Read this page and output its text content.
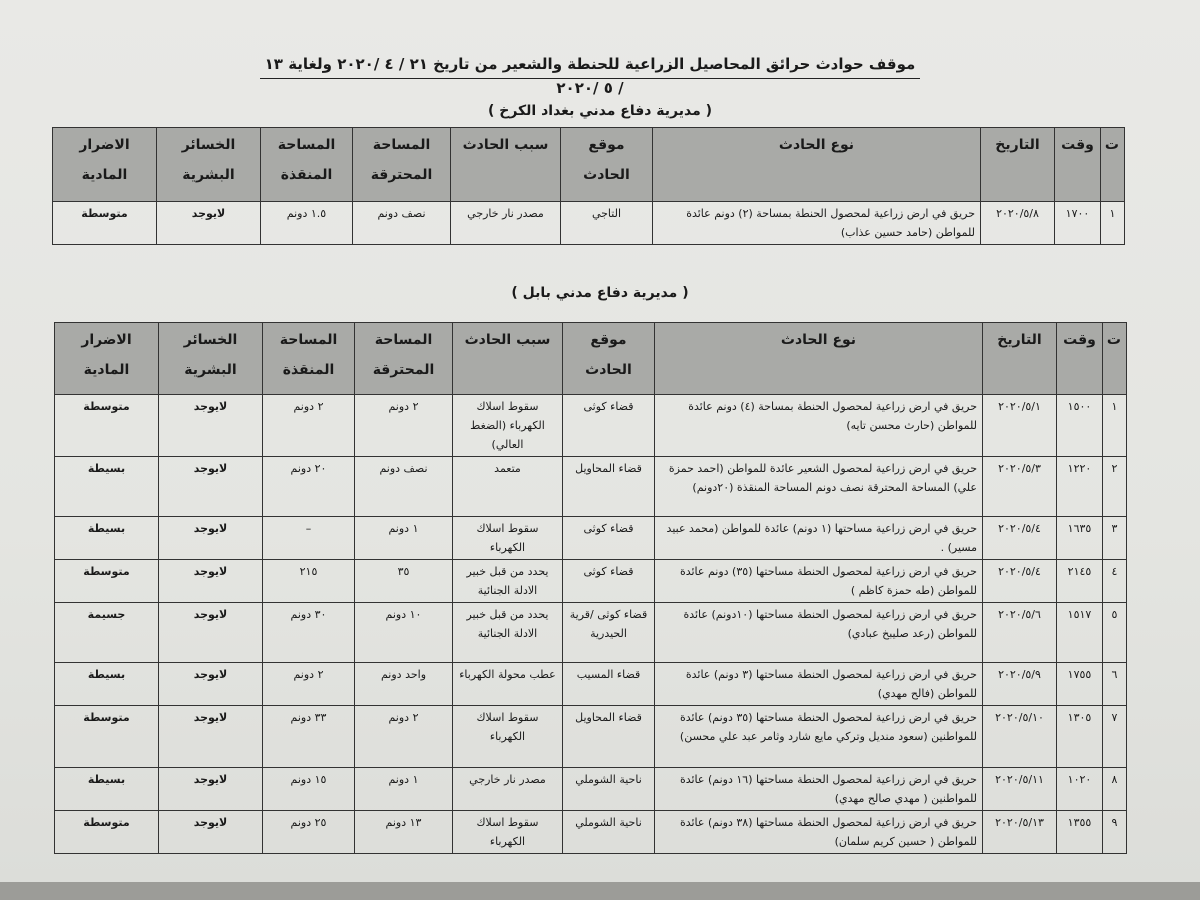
موقف حوادث حرائق المحاصيل الزراعية للحنطة والشعير من تاريخ ٢١ / ٤ /٢٠٢٠ ولغاية ١٣ / ٥ /٢٠٢٠
( مديرية دفاع مدني بغداد الكرخ )
ت	وقت	التاريخ	نوع الحادث	موقع الحادث	سبب الحادث	المساحة المحترقة	المساحة المنقذة	الخسائر البشرية	الاضرار المادية
١	١٧٠٠	٢٠٢٠/٥/٨	حريق في ارض زراعية لمحصول الحنطة بمساحة (٢) دونم عائدة للمواطن (حامد حسين عذاب)	التاجي	مصدر نار خارجي	نصف دونم	١.٥ دونم	لايوجد	متوسطة
( مديرية دفاع مدني بابل )
ت	وقت	التاريخ	نوع الحادث	موقع الحادث	سبب الحادث	المساحة المحترقة	المساحة المنقذة	الخسائر البشرية	الاضرار المادية
١	١٥٠٠	٢٠٢٠/٥/١	حريق في ارض زراعية لمحصول الحنطة بمساحة (٤) دونم عائدة للمواطن (حارث محسن تايه)	قضاء كوثى	سقوط اسلاك الكهرباء (الضغط العالي)	٢ دونم	٢ دونم	لايوجد	متوسطة
٢	١٢٢٠	٢٠٢٠/٥/٣	حريق في ارض زراعية لمحصول الشعير عائدة للمواطن (احمد حمزة علي) المساحة المحترقة نصف دونم المساحة المنقذة (٢٠دونم)	قضاء المحاويل	متعمد	نصف دونم	٢٠ دونم	لايوجد	بسيطة
٣	١٦٣٥	٢٠٢٠/٥/٤	حريق في ارض زراعية مساحتها (١ دونم) عائدة للمواطن (محمد عبيد مسير) .	قضاء كوثى	سقوط اسلاك الكهرباء	١ دونم	–	لايوجد	بسيطة
٤	٢١٤٥	٢٠٢٠/٥/٤	حريق في ارض زراعية لمحصول الحنطة مساحتها (٣٥) دونم عائدة للمواطن (طه حمزة كاظم )	قضاء كوثى	يحدد من قبل خبير الادلة الجنائية	٣٥	٢١٥	لايوجد	متوسطة
٥	١٥١٧	٢٠٢٠/٥/٦	حريق في ارض زراعية لمحصول الحنطة مساحتها (١٠دونم) عائدة للمواطن (رعد صليبخ عبادي)	قضاء كوثى /قرية الحيدرية	يحدد من قبل خبير الادلة الجنائية	١٠ دونم	٣٠ دونم	لايوجد	جسيمة
٦	١٧٥٥	٢٠٢٠/٥/٩	حريق في ارض زراعية لمحصول الحنطة مساحتها (٣ دونم) عائدة للمواطن (فالح مهدي)	قضاء المسيب	عطب محولة الكهرباء	واحد دونم	٢ دونم	لايوجد	بسيطة
٧	١٣٠٥	٢٠٢٠/٥/١٠	حريق في ارض زراعية لمحصول الحنطة مساحتها (٣٥ دونم) عائدة للمواطنين (سعود منديل وتركي مايع شارد وثامر عبد علي محسن)	قضاء المحاويل	سقوط اسلاك الكهرباء	٢ دونم	٣٣ دونم	لايوجد	متوسطة
٨	١٠٢٠	٢٠٢٠/٥/١١	حريق في ارض زراعية لمحصول الحنطة مساحتها (١٦ دونم) عائدة للمواطنين ( مهدي صالح مهدي)	ناحية الشوملي	مصدر نار خارجي	١ دونم	١٥ دونم	لايوجد	بسيطة
٩	١٣٥٥	٢٠٢٠/٥/١٣	حريق في ارض زراعية لمحصول الحنطة مساحتها (٣٨ دونم) عائدة للمواطن ( حسين كريم سلمان)	ناحية الشوملي	سقوط اسلاك الكهرباء	١٣ دونم	٢٥ دونم	لايوجد	متوسطة
